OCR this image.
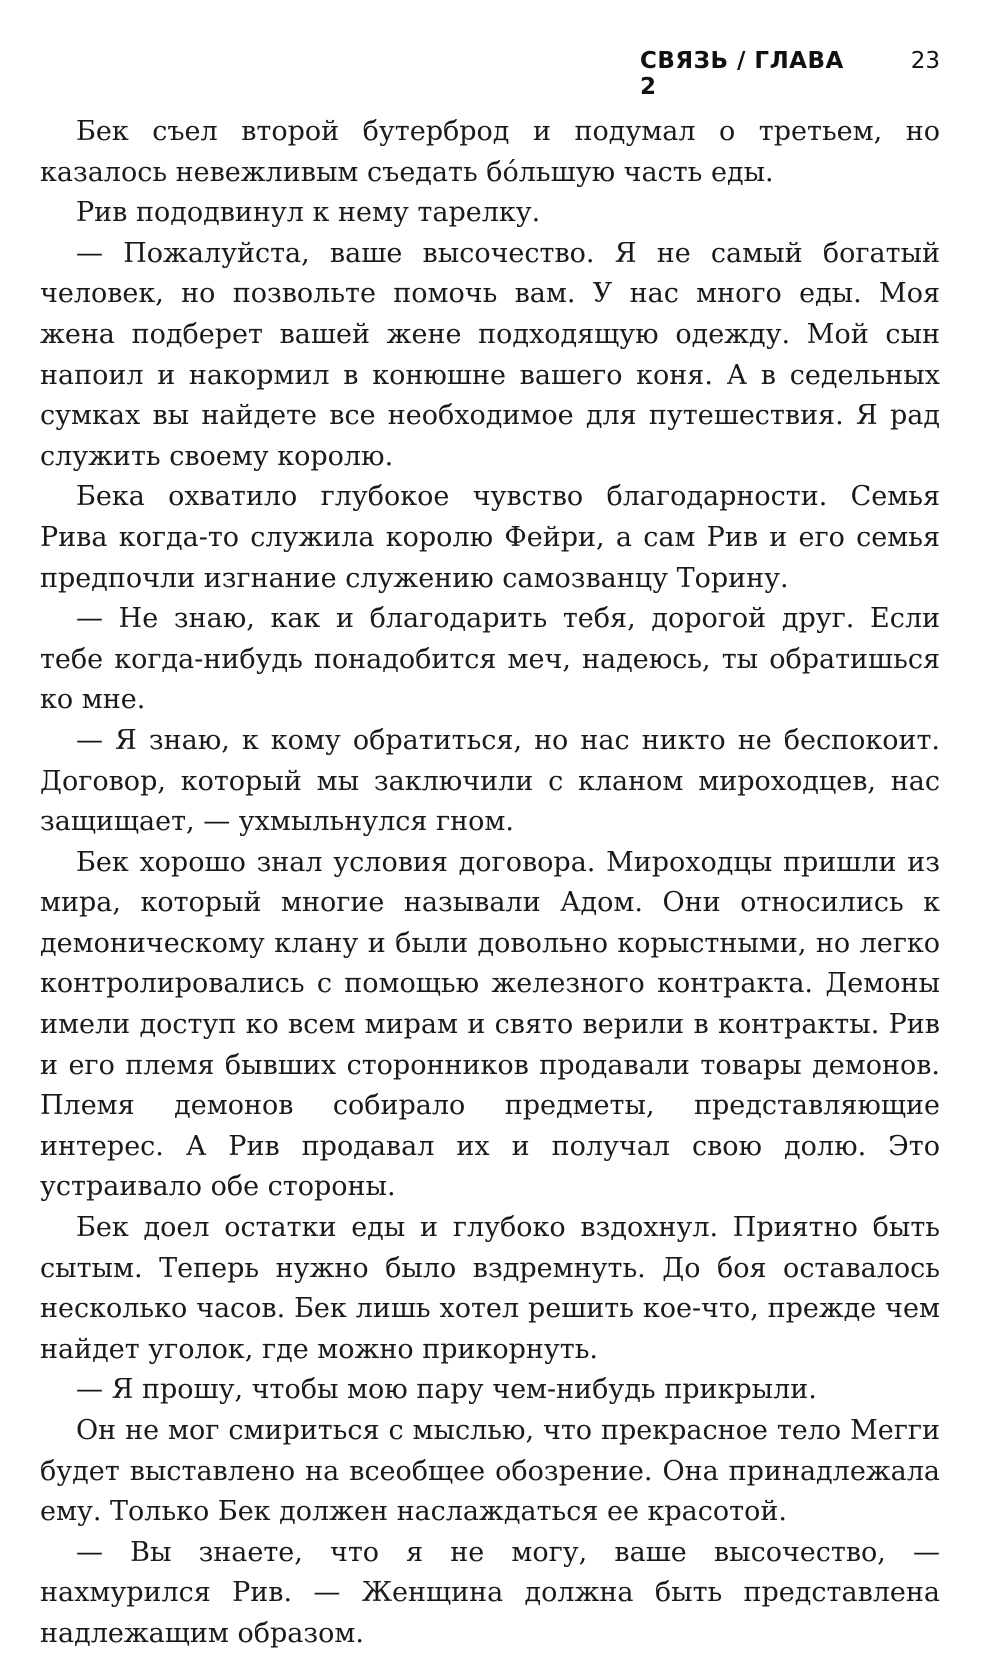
СВЯЗЬ / ГЛАВА 2
23

Бек съел второй бутерброд и подумал о третьем, но казалось невежливым съедать бо́льшую часть еды.

Рив пододвинул к нему тарелку.

— Пожалуйста, ваше высочество. Я не самый богатый человек, но позвольте помочь вам. У нас много еды. Моя жена подберет вашей жене подходящую одежду. Мой сын напоил и накормил в конюшне вашего коня. А в седельных сумках вы найдете все необходимое для путешествия. Я рад служить своему королю.

Бека охватило глубокое чувство благодарности. Семья Рива когда-то служила королю Фейри, а сам Рив и его семья предпочли изгнание служению самозванцу Торину.

— Не знаю, как и благодарить тебя, дорогой друг. Если тебе когда-нибудь понадобится меч, надеюсь, ты обратишься ко мне.

— Я знаю, к кому обратиться, но нас никто не беспокоит. Договор, который мы заключили с кланом мироходцев, нас защищает, — ухмыльнулся гном.

Бек хорошо знал условия договора. Мироходцы пришли из мира, который многие называли Адом. Они относились к демоническому клану и были довольно корыстными, но легко контролировались с помощью железного контракта. Демоны имели доступ ко всем мирам и свято верили в контракты. Рив и его племя бывших сторонников продавали товары демонов. Племя демонов собирало предметы, представляющие интерес. А Рив продавал их и получал свою долю. Это устраивало обе стороны.

Бек доел остатки еды и глубоко вздохнул. Приятно быть сытым. Теперь нужно было вздремнуть. До боя оставалось несколько часов. Бек лишь хотел решить кое-что, прежде чем найдет уголок, где можно прикорнуть.

— Я прошу, чтобы мою пару чем-нибудь прикрыли.

Он не мог смириться с мыслью, что прекрасное тело Мегги будет выставлено на всеобщее обозрение. Она принадлежала ему. Только Бек должен наслаждаться ее красотой.

— Вы знаете, что я не могу, ваше высочество, — нахмурился Рив. — Женщина должна быть представлена надлежащим образом.
